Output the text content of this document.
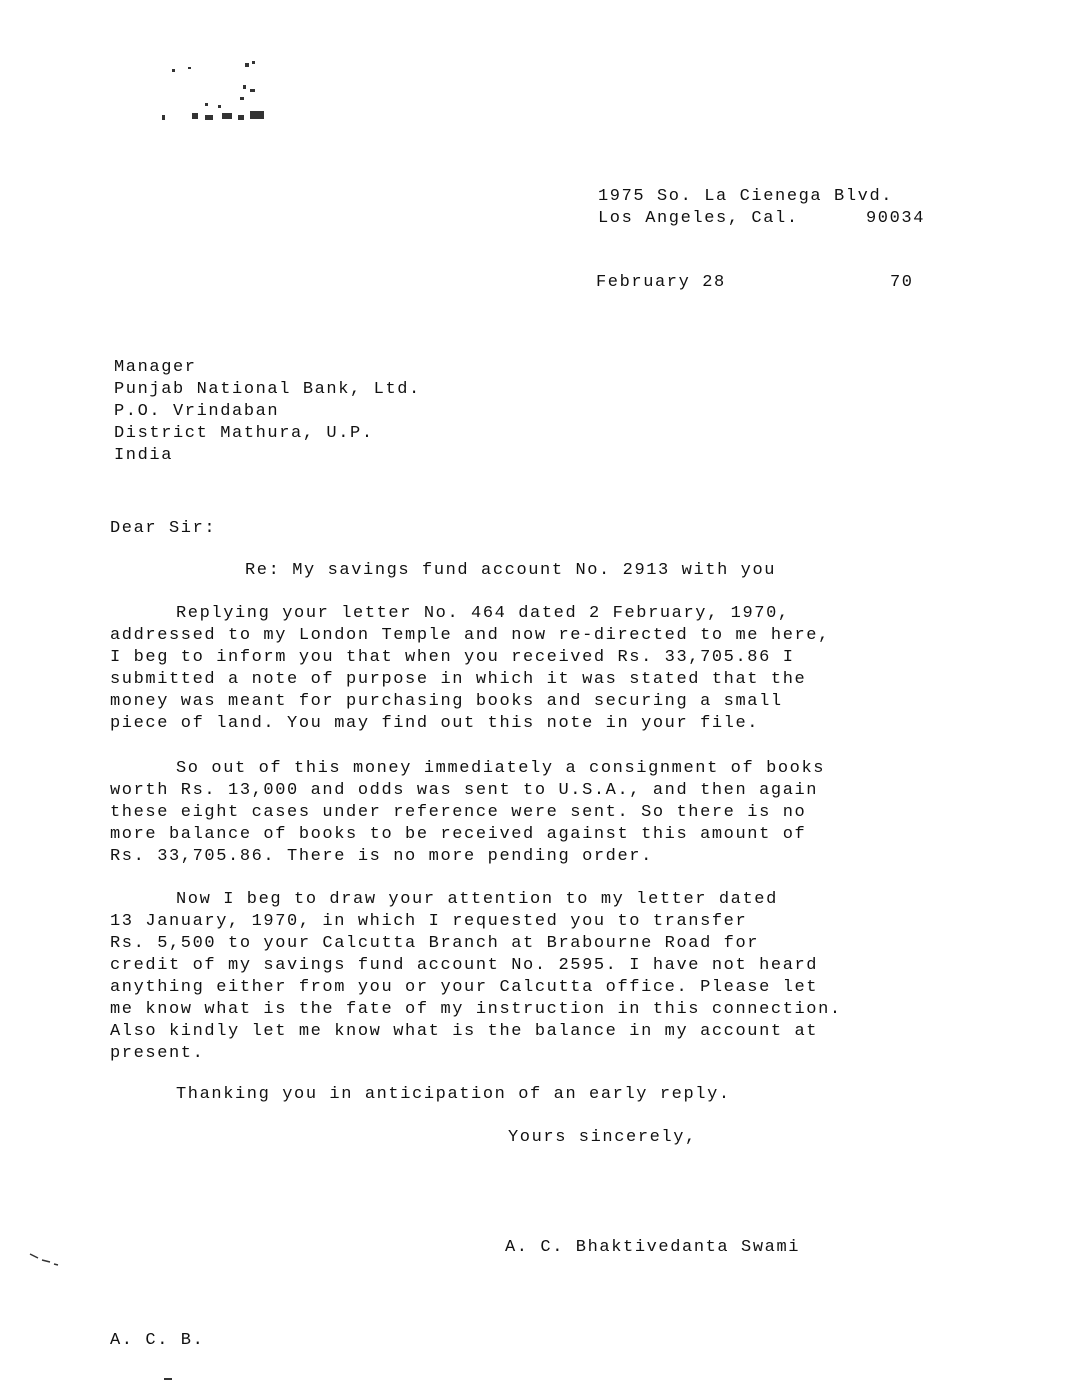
1975 So. La Cienega Blvd.
Los Angeles, Cal.	90034
February 28	70
Manager
Punjab National Bank, Ltd.
P.O. Vrindaban
District Mathura, U.P.
India
Dear Sir:
Re: My savings fund account No. 2913 with you
Replying your letter No. 464 dated 2 February, 1970,
addressed to my London Temple and now re-directed to me here,
I beg to inform you that when you received Rs. 33,705.86 I
submitted a note of purpose in which it was stated that the
money was meant for purchasing books and securing a small
piece of land. You may find out this note in your file.
So out of this money immediately a consignment of books
worth Rs. 13,000 and odds was sent to U.S.A., and then again
these eight cases under reference were sent. So there is no
more balance of books to be received against this amount of
Rs. 33,705.86. There is no more pending order.
Now I beg to draw your attention to my letter dated
13 January, 1970, in which I requested you to transfer
Rs. 5,500 to your Calcutta Branch at Brabourne Road for
credit of my savings fund account No. 2595. I have not heard
anything either from you or your Calcutta office. Please let
me know what is the fate of my instruction in this connection.
Also kindly let me know what is the balance in my account at
present.
Thanking you in anticipation of an early reply.
Yours sincerely,
A. C. Bhaktivedanta Swami
A. C. B.
